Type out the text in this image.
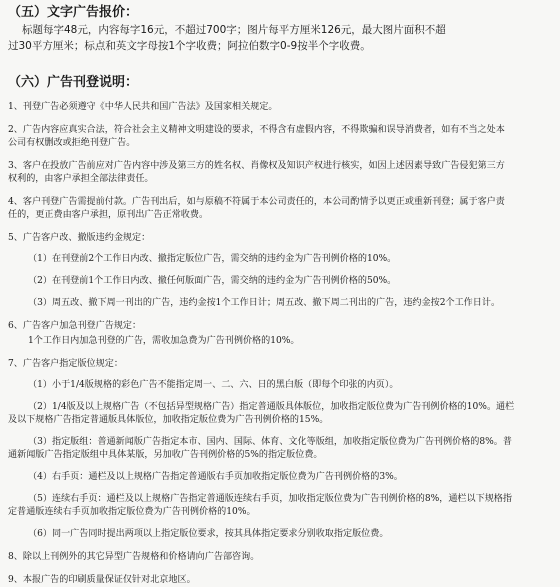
（五）文字广告报价：
标题每字48元，内容每字16元，不超过700字；图片每平方厘米126元，最大图片面积不超
过30平方厘米；标点和英文字母按1个字收费；阿拉伯数字0-9按半个字收费。
（六）广告刊登说明：

1、刊登广告必须遵守《中华人民共和国广告法》及国家相关规定。

2、广告内容应真实合法，符合社会主义精神文明建设的要求，不得含有虚假内容，不得欺骗和误导消费者，如有不当之处本
公司有权删改或拒绝刊登广告。

3、客户在投放广告前应对广告内容中涉及第三方的姓名权、肖像权及知识产权进行核实，如因上述因素导致广告侵犯第三方
权利的，由客户承担全部法律责任。

4、客户刊登广告需提前付款。广告刊出后，如与原稿不符属于本公司责任的，本公司酌情予以更正或重新刊登；属于客户责
任的，更正费由客户承担，原刊出广告正常收费。

5、广告客户改、撤版违约金规定：

（1）在刊登前2个工作日内改、撤指定版位广告，需交纳的违约金为广告刊例价格的10%。

（2）在刊登前1个工作日内改、撤任何版面广告，需交纳的违约金为广告刊例价格的50%。

（3）周五改、撤下周一刊出的广告，违约金按1个工作日计；周五改、撤下周二刊出的广告，违约金按2个工作日计。

6、广告客户加急刊登广告规定：

1个工作日内加急刊登的广告，需收加急费为广告刊例价格的10%。

7、广告客户指定版位规定：

（1）小于1/4版规格的彩色广告不能指定周一、二、六、日的黑白版（即每个印张的内页）。

（2）1/4版及以上规格广告（不包括异型规格广告）指定普通版具体版位，加收指定版位费为广告刊例价格的10%。通栏
及以下规格广告指定普通版具体版位，加收指定版位费为广告刊例价格的15%。

（3）指定版组：普通新闻版广告指定本市、国内、国际、体育、文化等版组，加收指定版位费为广告刊例价格的8%。普
通新闻版广告指定版组中具体某版，另加收广告刊例价格的5%的指定版位费。

（4）右手页：通栏及以上规格广告指定普通版右手页加收指定版位费为广告刊例价格的3%。

（5）连续右手页：通栏及以上规格广告指定普通版连续右手页，加收指定版位费为广告刊例价格的8%，通栏以下规格指
定普通版连续右手页加收指定版位费为广告刊例价格的10%。

（6）同一广告同时提出两项以上指定版位要求，按其具体指定要求分别收取指定版位费。

8、除以上刊例外的其它异型广告规格和价格请向广告部咨询。

9、本报广告的印刷质量保证仅针对北京地区。
